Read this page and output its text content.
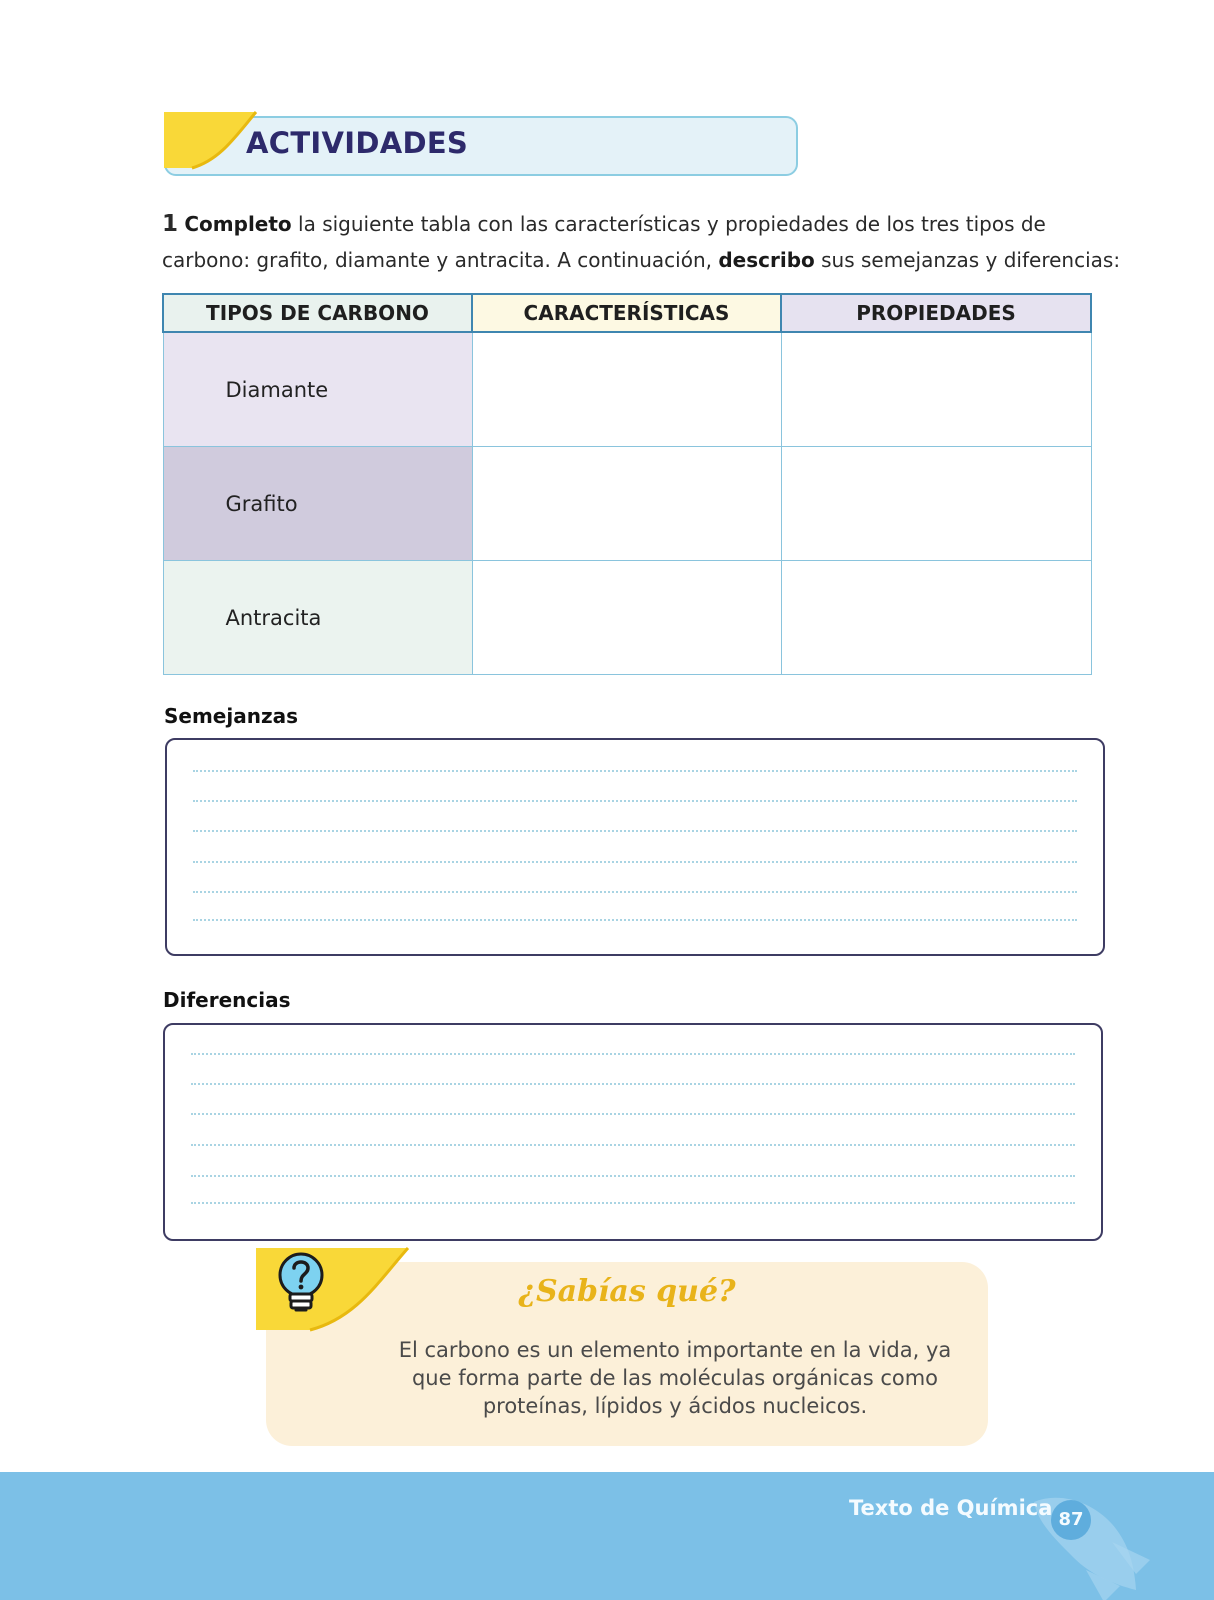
ACTIVIDADES
1 Completo la siguiente tabla con las características y propiedades de los tres tipos de carbono: grafito, diamante y antracita. A continuación, describo sus semejanzas y diferencias:
TIPOS DE CARBONO	CARACTERÍSTICAS	PROPIEDADES
Diamante		
Grafito		
Antracita		
Semejanzas
Diferencias
¿Sabías qué?
El carbono es un elemento importante en la vida, ya que forma parte de las moléculas orgánicas como proteínas, lípidos y ácidos nucleicos.
Texto de Química 87
